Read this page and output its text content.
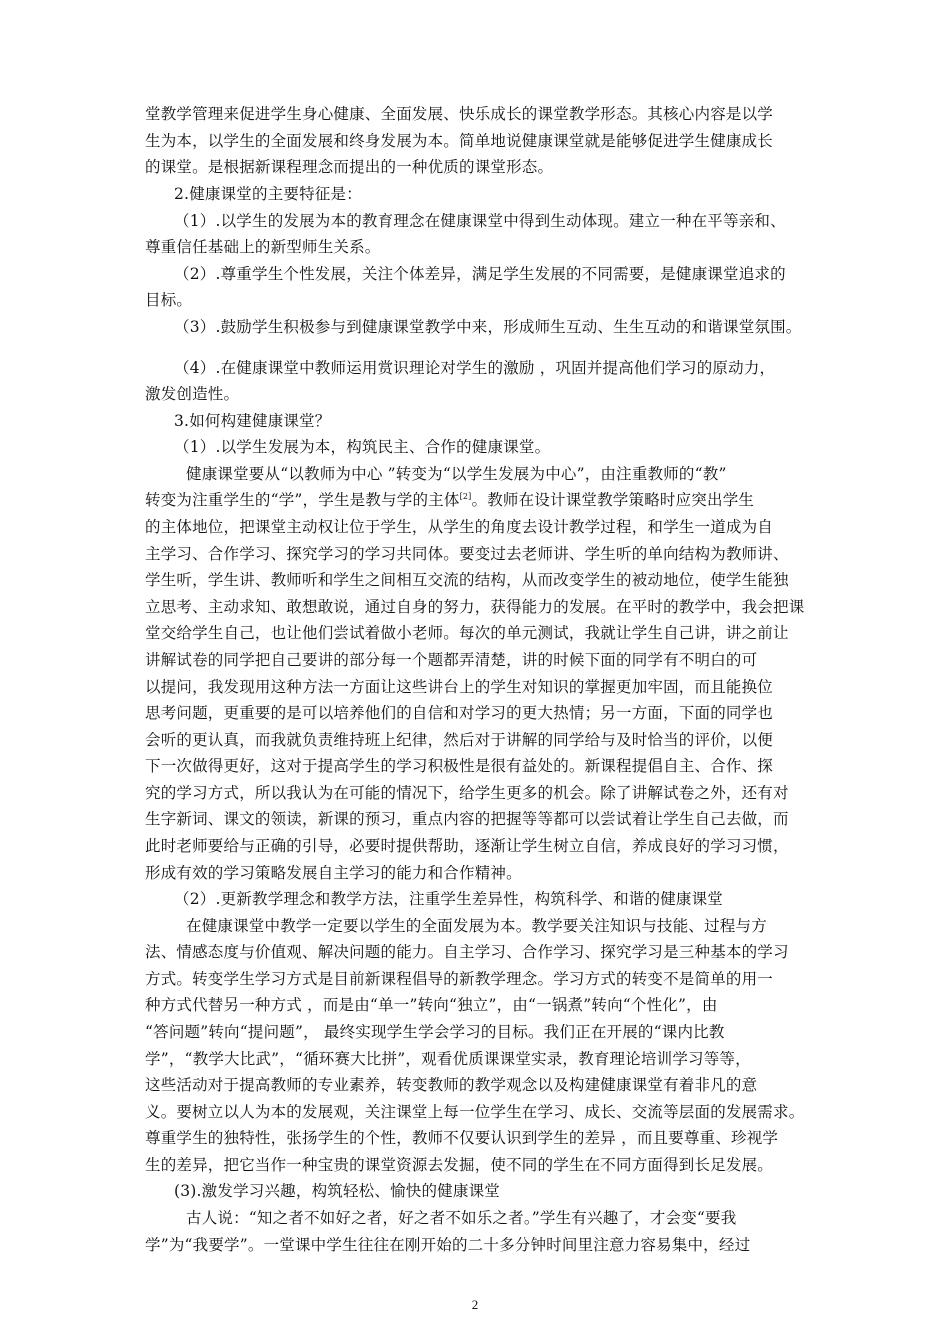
堂教学管理来促进学生身心健康、全面发展、快乐成长的课堂教学形态。其核心内容是以学
生为本，以学生的全面发展和终身发展为本。简单地说健康课堂就是能够促进学生健康成长
的课堂。是根据新课程理念而提出的一种优质的课堂形态。
2.健康课堂的主要特征是：
（1）.以学生的发展为本的教育理念在健康课堂中得到生动体现。建立一种在平等亲和、
尊重信任基础上的新型师生关系。
（2）.尊重学生个性发展，关注个体差异，满足学生发展的不同需要，是健康课堂追求的
目标。
（3）.鼓励学生积极参与到健康课堂教学中来，形成师生互动、生生互动的和谐课堂氛围。
（4）.在健康课堂中教师运用赏识理论对学生的激励 ，巩固并提高他们学习的原动力，
激发创造性。
3.如何构建健康课堂？
（1）.以学生发展为本，构筑民主、合作的健康课堂。
健康课堂要从“以教师为中心 ”转变为“以学生发展为中心”，由注重教师的“教”
转变为注重学生的“学”，学生是教与学的主体[2]。教师在设计课堂教学策略时应突出学生
的主体地位，把课堂主动权让位于学生，从学生的角度去设计教学过程，和学生一道成为自
主学习、合作学习、探究学习的学习共同体。要变过去老师讲、学生听的单向结构为教师讲、
学生听，学生讲、教师听和学生之间相互交流的结构，从而改变学生的被动地位，使学生能独
立思考、主动求知、敢想敢说，通过自身的努力，获得能力的发展。在平时的教学中，我会把课
堂交给学生自己，也让他们尝试着做小老师。每次的单元测试，我就让学生自己讲，讲之前让
讲解试卷的同学把自己要讲的部分每一个题都弄清楚，讲的时候下面的同学有不明白的可
以提问，我发现用这种方法一方面让这些讲台上的学生对知识的掌握更加牢固，而且能换位
思考问题，更重要的是可以培养他们的自信和对学习的更大热情；另一方面，下面的同学也
会听的更认真，而我就负责维持班上纪律，然后对于讲解的同学给与及时恰当的评价，以便
下一次做得更好，这对于提高学生的学习积极性是很有益处的。新课程提倡自主、合作、探
究的学习方式，所以我认为在可能的情况下，给学生更多的机会。除了讲解试卷之外，还有对
生字新词、课文的领读，新课的预习，重点内容的把握等等都可以尝试着让学生自己去做，而
此时老师要给与正确的引导，必要时提供帮助，逐渐让学生树立自信，养成良好的学习习惯，
形成有效的学习策略发展自主学习的能力和合作精神。
（2）.更新教学理念和教学方法，注重学生差异性，构筑科学、和谐的健康课堂
在健康课堂中教学一定要以学生的全面发展为本。教学要关注知识与技能、过程与方
法、情感态度与价值观、解决问题的能力。自主学习、合作学习、探究学习是三种基本的学习
方式。转变学生学习方式是目前新课程倡导的新教学理念。学习方式的转变不是简单的用一
种方式代替另一种方式 ，而是由“单一”转向“独立”，由“一锅煮”转向“个性化”，由
“答问题”转向“提问题”， 最终实现学生学会学习的目标。我们正在开展的“课内比教
学”，“教学大比武”，“循环赛大比拼”，观看优质课课堂实录，教育理论培训学习等等，
这些活动对于提高教师的专业素养，转变教师的教学观念以及构建健康课堂有着非凡的意
义。要树立以人为本的发展观，关注课堂上每一位学生在学习、成长、交流等层面的发展需求。
尊重学生的独特性，张扬学生的个性，教师不仅要认识到学生的差异 ，而且要尊重、珍视学
生的差异，把它当作一种宝贵的课堂资源去发掘，使不同的学生在不同方面得到长足发展。
(3).激发学习兴趣，构筑轻松、愉快的健康课堂
古人说：“知之者不如好之者，好之者不如乐之者。”学生有兴趣了，才会变“要我
学”为“我要学”。一堂课中学生往往在刚开始的二十多分钟时间里注意力容易集中，经过
2
